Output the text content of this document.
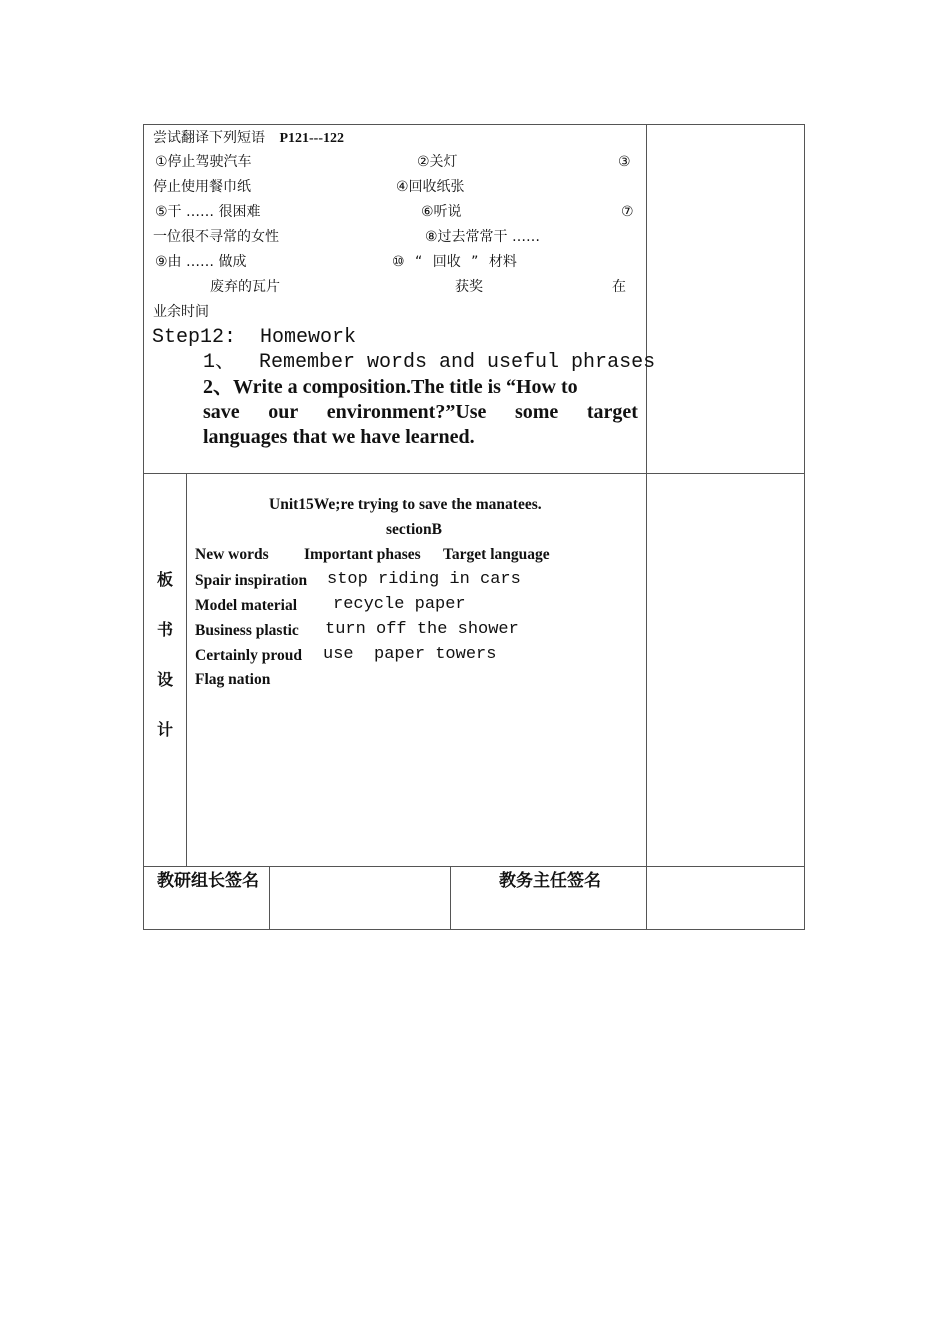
尝试翻译下列短语 P121---122
①停止驾驶汽车	②关灯	③
停止使用餐巾纸	④回收纸张
⑤干 …… 很困难	⑥听说	⑦
一位很不寻常的女性	⑧过去常常干 ……
⑨由 …… 做成	⑩ “ 回收 ” 材料
废弃的瓦片	获奖	在
业余时间
Step12:  Homework
1、  Remember words and useful phrases
2、Write a composition.The title is “How to
save our environment?”Use some target
languages that we have learned.
板
书
设
计
Unit15We;re trying to save the manatees.
sectionB
New words Important phases Target language
Spair inspiration stop riding in cars
Model material recycle paper
Business plastic turn off the shower
Certainly proud use  paper towers
Flag nation
教研组长签名	教务主任签名
